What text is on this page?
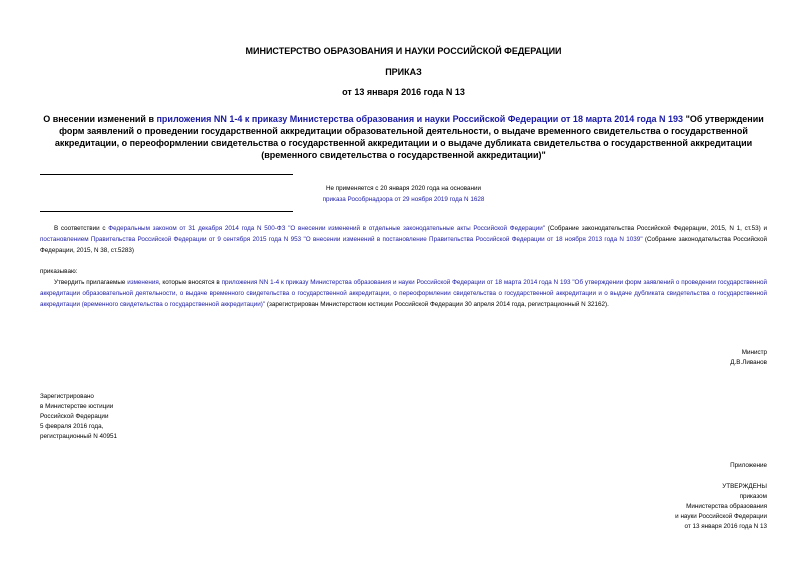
МИНИСТЕРСТВО ОБРАЗОВАНИЯ И НАУКИ РОССИЙСКОЙ ФЕДЕРАЦИИ
ПРИКАЗ
от 13 января 2016 года N 13
О внесении изменений в приложения NN 1-4 к приказу Министерства образования и науки Российской Федерации от 18 марта 2014 года N 193 "Об утверждении форм заявлений о проведении государственной аккредитации образовательной деятельности, о выдаче временного свидетельства о государственной аккредитации, о переоформлении свидетельства о государственной аккредитации и о выдаче дубликата свидетельства о государственной аккредитации (временного свидетельства о государственной аккредитации)"
Не применяется с 20 января 2020 года на основании
приказа Рособрнадзора от 29 ноября 2019 года N 1628
В соответствии с Федеральным законом от 31 декабря 2014 года N 500-ФЗ "О внесении изменений в отдельные законодательные акты Российской Федерации" (Собрание законодательства Российской Федерации, 2015, N 1, ст.53) и постановлением Правительства Российской Федерации от 9 сентября 2015 года N 953 "О внесении изменений в постановление Правительства Российской Федерации от 18 ноября 2013 года N 1039" (Собрание законодательства Российской Федерации, 2015, N 38, ст.5283)
приказываю:
Утвердить прилагаемые изменения, которые вносятся в приложения NN 1-4 к приказу Министерства образования и науки Российской Федерации от 18 марта 2014 года N 193 "Об утверждении форм заявлений о проведении государственной аккредитации образовательной деятельности, о выдаче временного свидетельства о государственной аккредитации, о переоформлении свидетельства о государственной аккредитации и о выдаче дубликата свидетельства о государственной аккредитации (временного свидетельства о государственной аккредитации)" (зарегистрирован Министерством юстиции Российской Федерации 30 апреля 2014 года, регистрационный N 32162).
Министр
Д.В.Ливанов
Зарегистрировано
в Министерстве юстиции
Российской Федерации
5 февраля 2016 года,
регистрационный N 40951
Приложение
УТВЕРЖДЕНЫ
приказом
Министерства образования
и науки Российской Федерации
от 13 января 2016 года N 13
